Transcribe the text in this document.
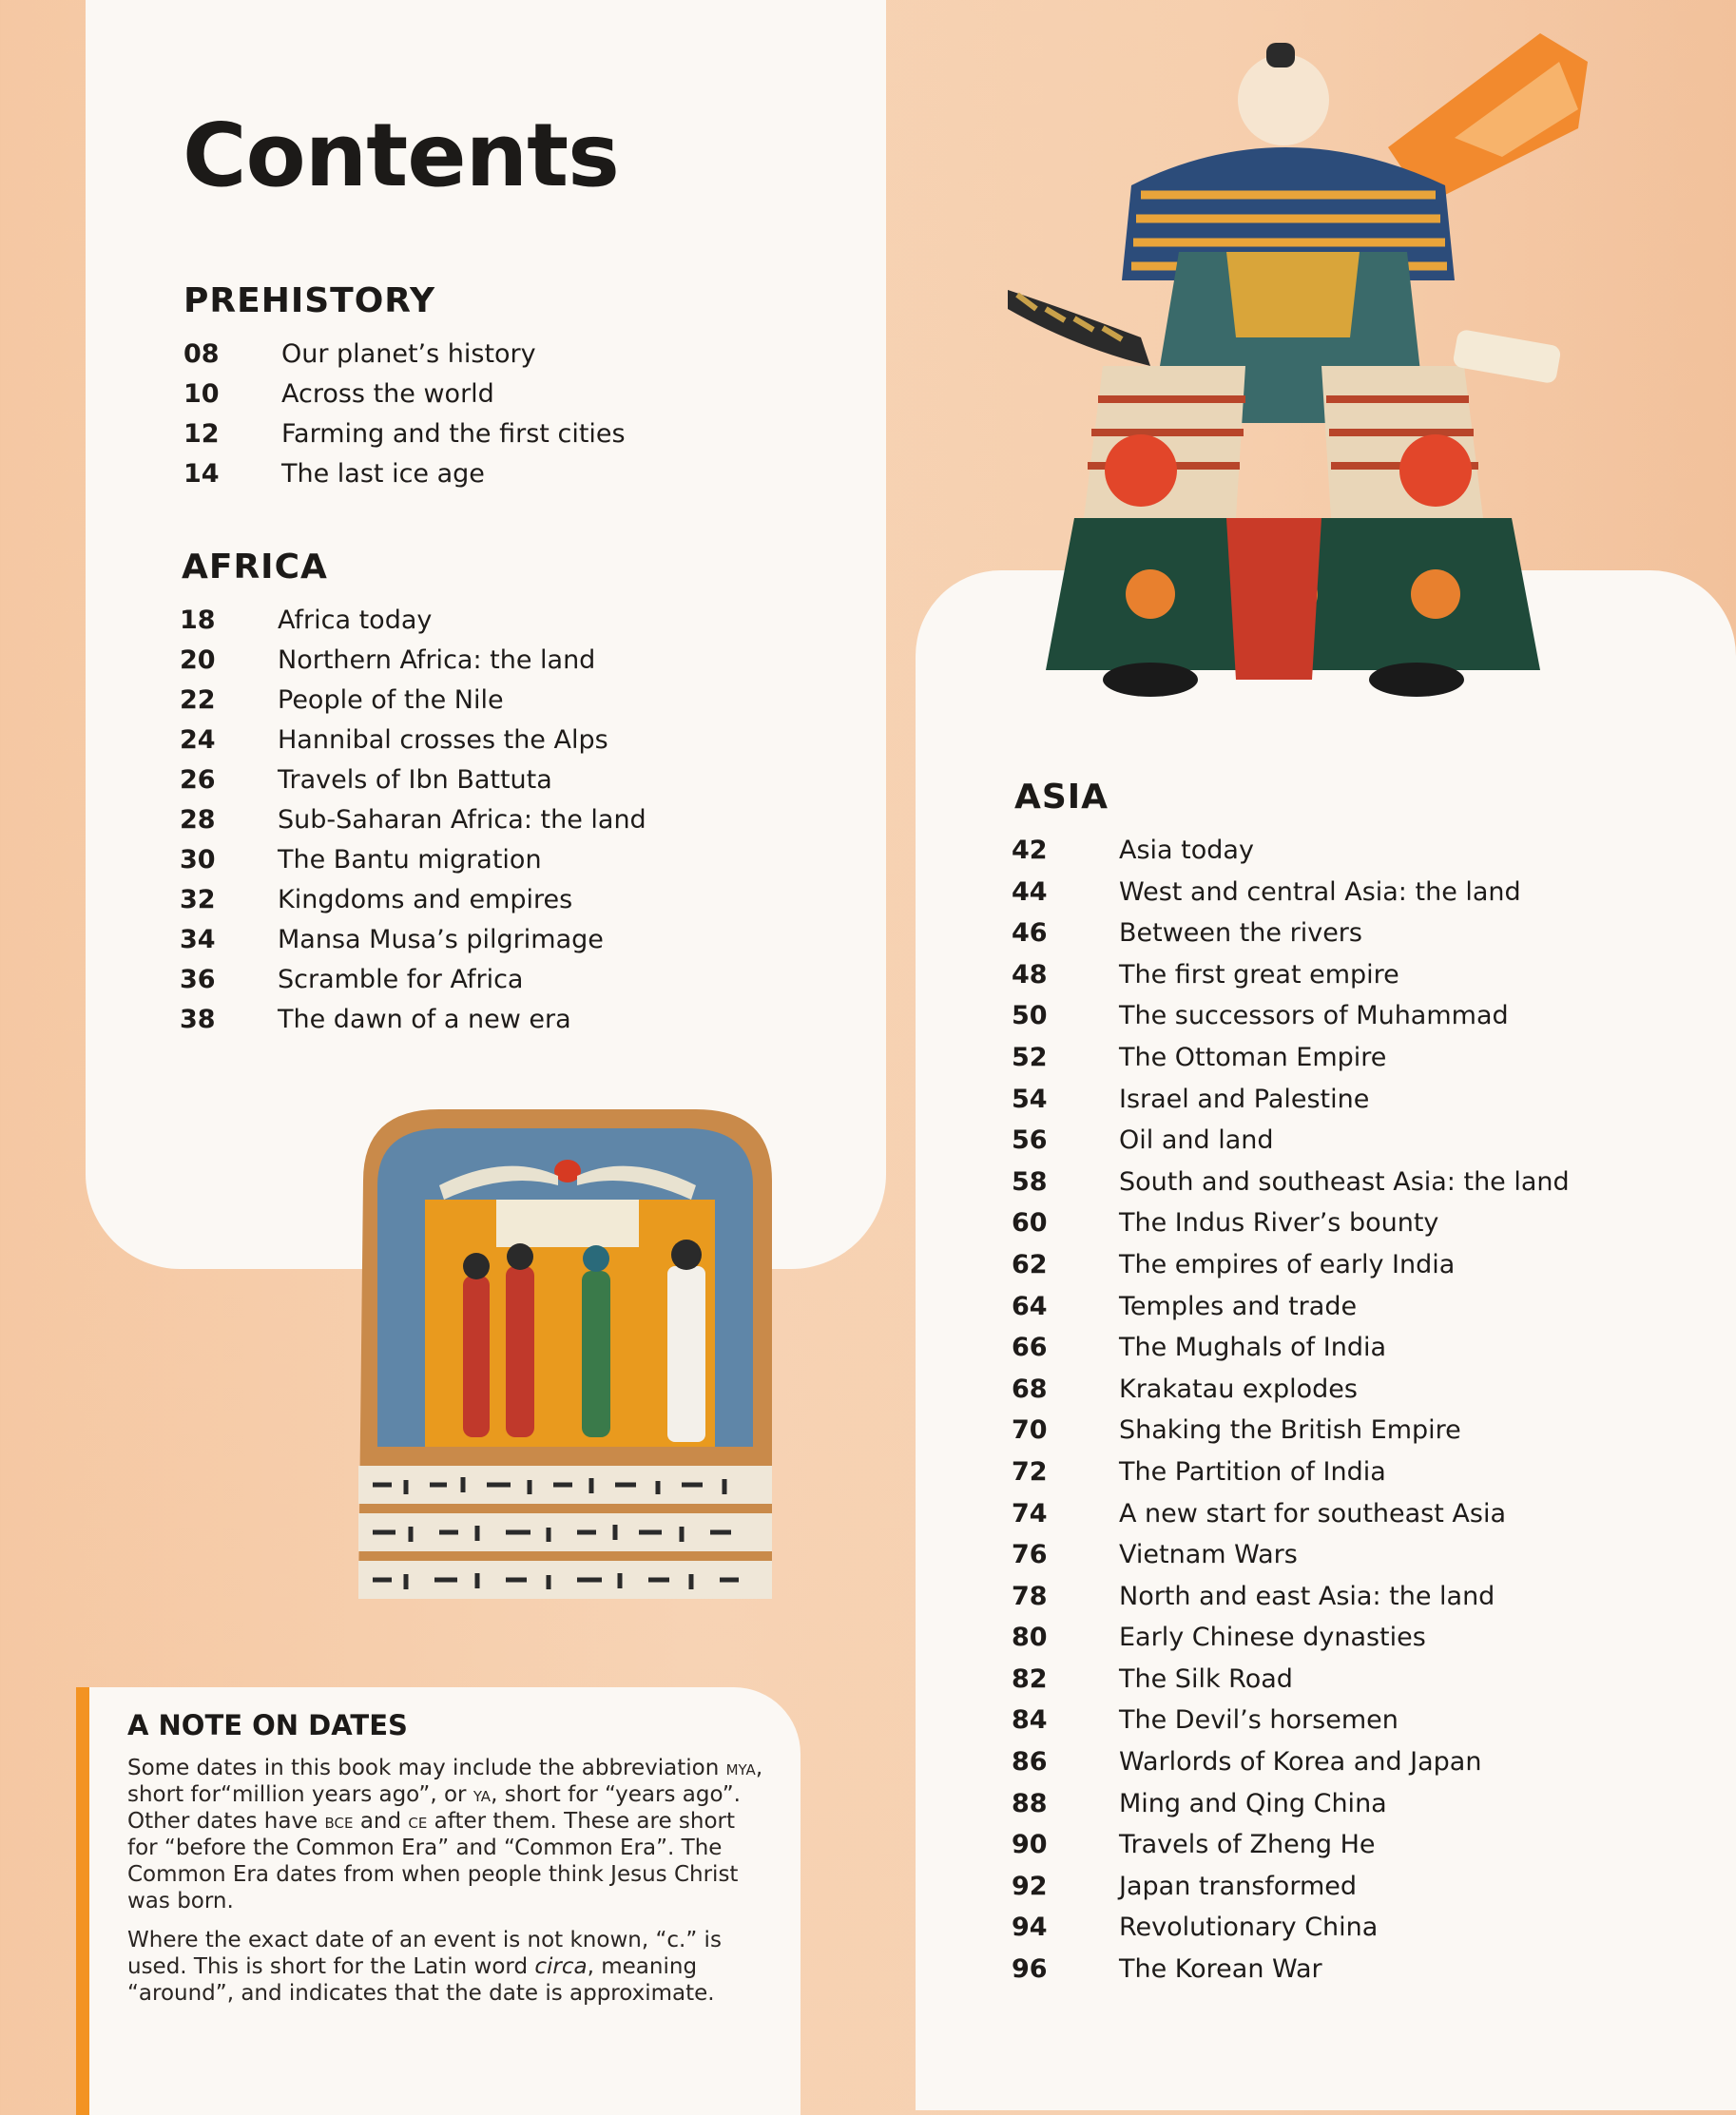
Contents
PREHISTORY
08 Our planet’s history
10 Across the world
12 Farming and the first cities
14 The last ice age
AFRICA
18 Africa today
20 Northern Africa: the land
22 People of the Nile
24 Hannibal crosses the Alps
26 Travels of Ibn Battuta
28 Sub-Saharan Africa: the land
30 The Bantu migration
32 Kingdoms and empires
34 Mansa Musa’s pilgrimage
36 Scramble for Africa
38 The dawn of a new era
ASIA
42	Asia today
44	West and central Asia: the land
46	Between the rivers
48	The first great empire
50	The successors of Muhammad
52	The Ottoman Empire
54	Israel and Palestine
56	Oil and land
58	South and southeast Asia: the land
60	The Indus River’s bounty
62	The empires of early India
64	Temples and trade
66	The Mughals of India
68	Krakatau explodes
70	Shaking the British Empire
72	The Partition of India
74	A new start for southeast Asia
76	Vietnam Wars
78	North and east Asia: the land
80	Early Chinese dynasties
82	The Silk Road
84	The Devil’s horsemen
86	Warlords of Korea and Japan
88	Ming and Qing China
90	Travels of Zheng He
92	Japan transformed
94	Revolutionary China
96	The Korean War
A NOTE ON DATES

Some dates in this book may include the abbreviation mya, short for“million years ago”, or ya, short for “years ago”. Other dates have bce and ce after them. These are short for “before the Common Era” and “Common Era”. The Common Era dates from when people think Jesus Christ was born.

Where the exact date of an event is not known, “c.” is used. This is short for the Latin word circa, meaning “around”, and indicates that the date is approximate.
